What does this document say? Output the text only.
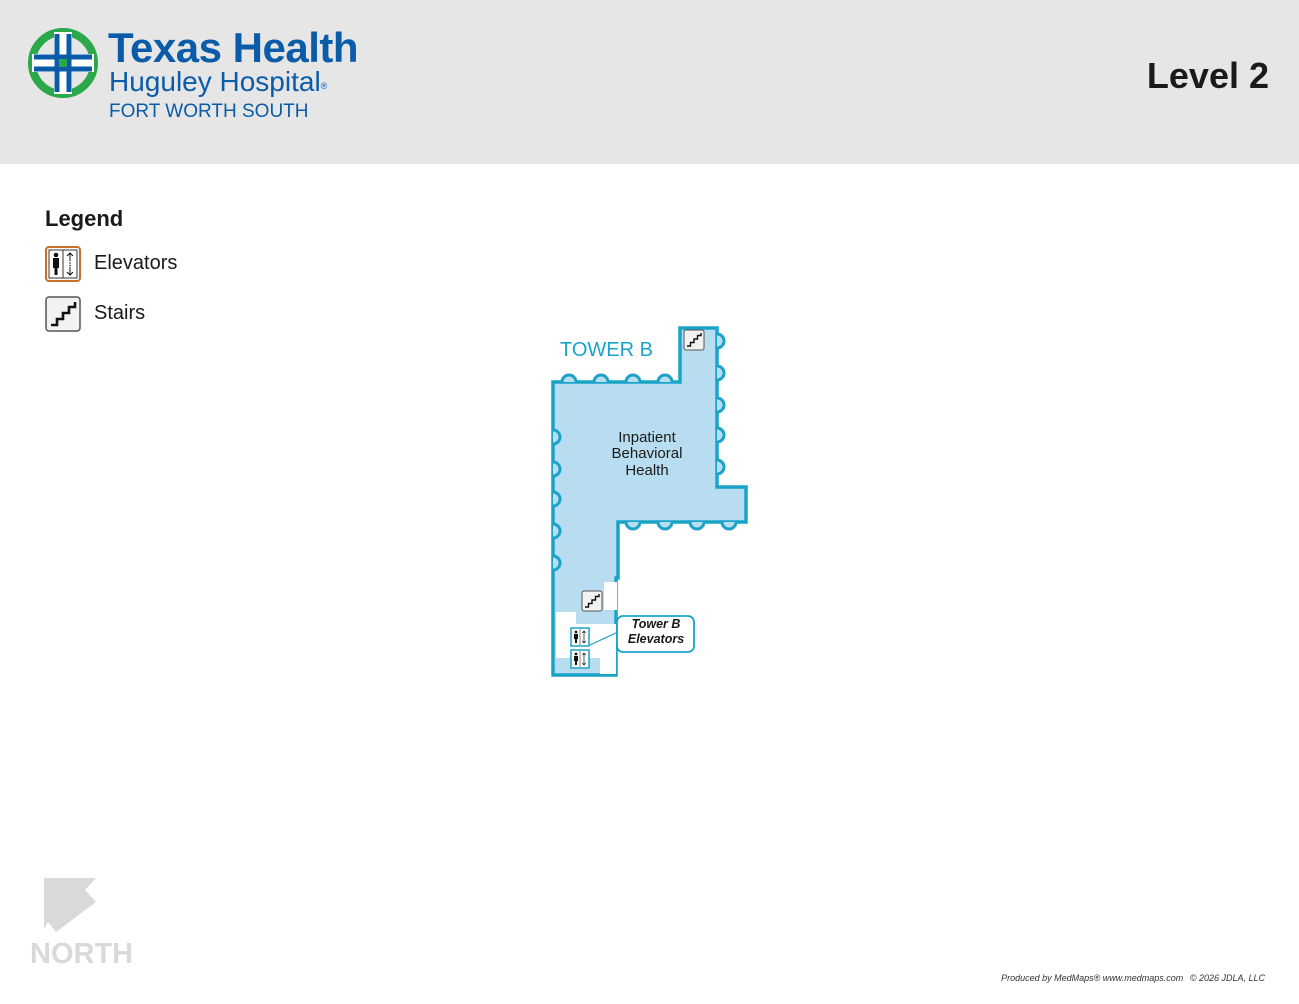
Texas Health
Huguley Hospital®
FORT WORTH SOUTH
Level 2
Legend
Elevators
Stairs
TOWER B
Inpatient
Behavioral
Health
Tower B
Elevators
NORTH
Produced by MedMaps® www.medmaps.com © 2026 JDLA, LLC
